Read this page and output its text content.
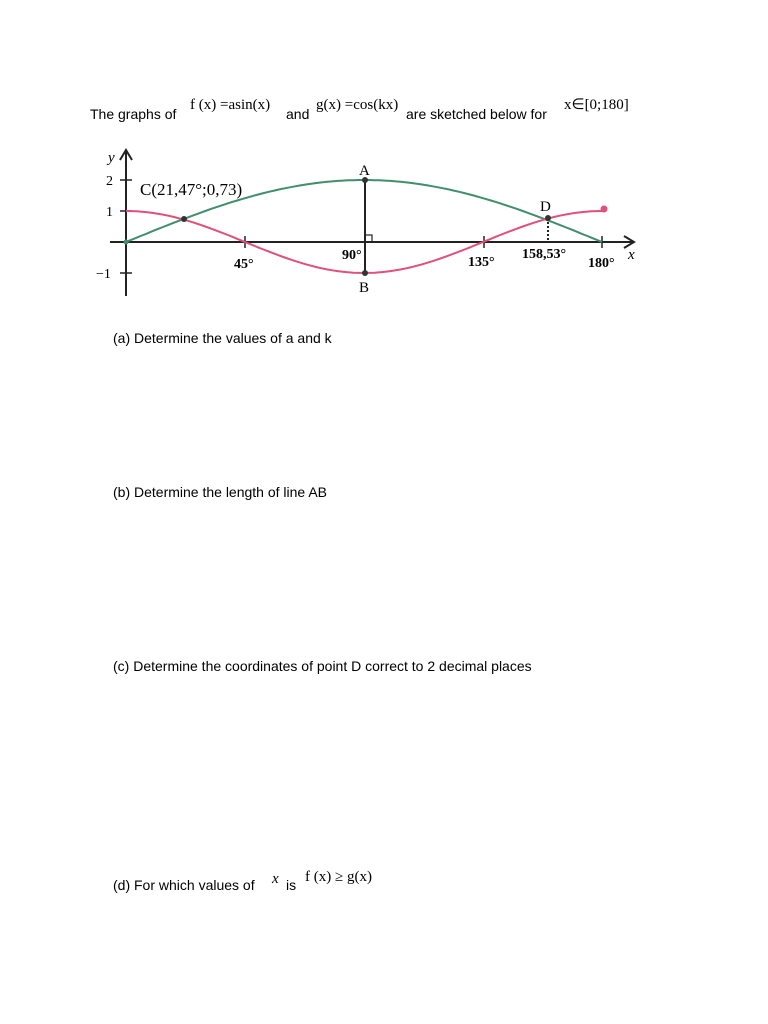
The graphs of
f (x) =asin(x)
and
g(x) =cos(kx)
are sketched below for
x∈[0;180]
y
x
2
1
−1
45°
90°	135°
158,53°
180°
C(21,47°;0,73)
A
B
D
(a) Determine the values of a and k
(b) Determine the length of line AB
(c) Determine the coordinates of point D correct to 2 decimal places
(d) For which values of x is f (x) ≥ g(x)
